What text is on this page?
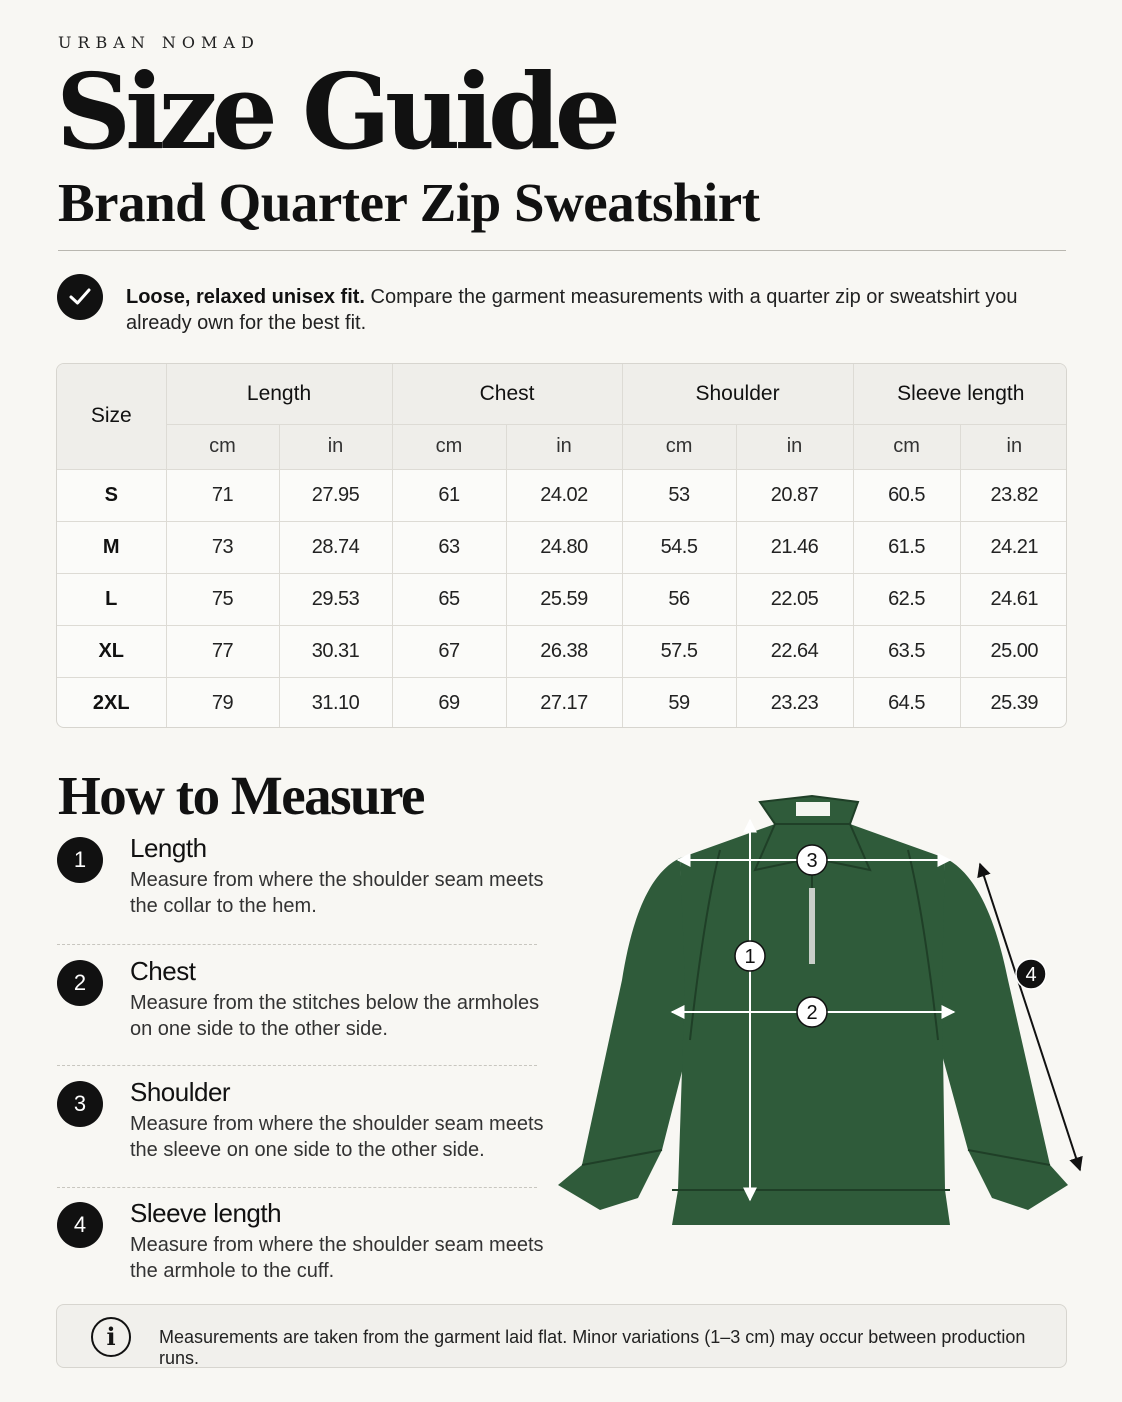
URBAN NOMAD
Size Guide
Brand Quarter Zip Sweatshirt

Loose, relaxed unisex fit. Compare the garment measurements with a quarter zip or sweatshirt you already own for the best fit.

Size	Length		Chest		Shoulder		Sleeve length	
	cm	in	cm	in	cm	in	cm	in
S	71	27.95	61	24.02	53	20.87	60.5	23.82
M	73	28.74	63	24.80	54.5	21.46	61.5	24.21
L	75	29.53	65	25.59	56	22.05	62.5	24.61
XL	77	30.31	67	26.38	57.5	22.64	63.5	25.00
2XL	79	31.10	69	27.17	59	23.23	64.5	25.39
How to Measure
1	Length
Measure from where the shoulder seam meets the collar to the hem.
2	Chest
Measure from the stitches below the armholes on one side to the other side.
3	Shoulder
Measure from where the shoulder seam meets the sleeve on one side to the other side.
4	Sleeve length
Measure from where the shoulder seam meets the armhole to the cuff.
1
2
3
4
i	Measurements are taken from the garment laid flat. Minor variations (1–3 cm) may occur between production runs.
